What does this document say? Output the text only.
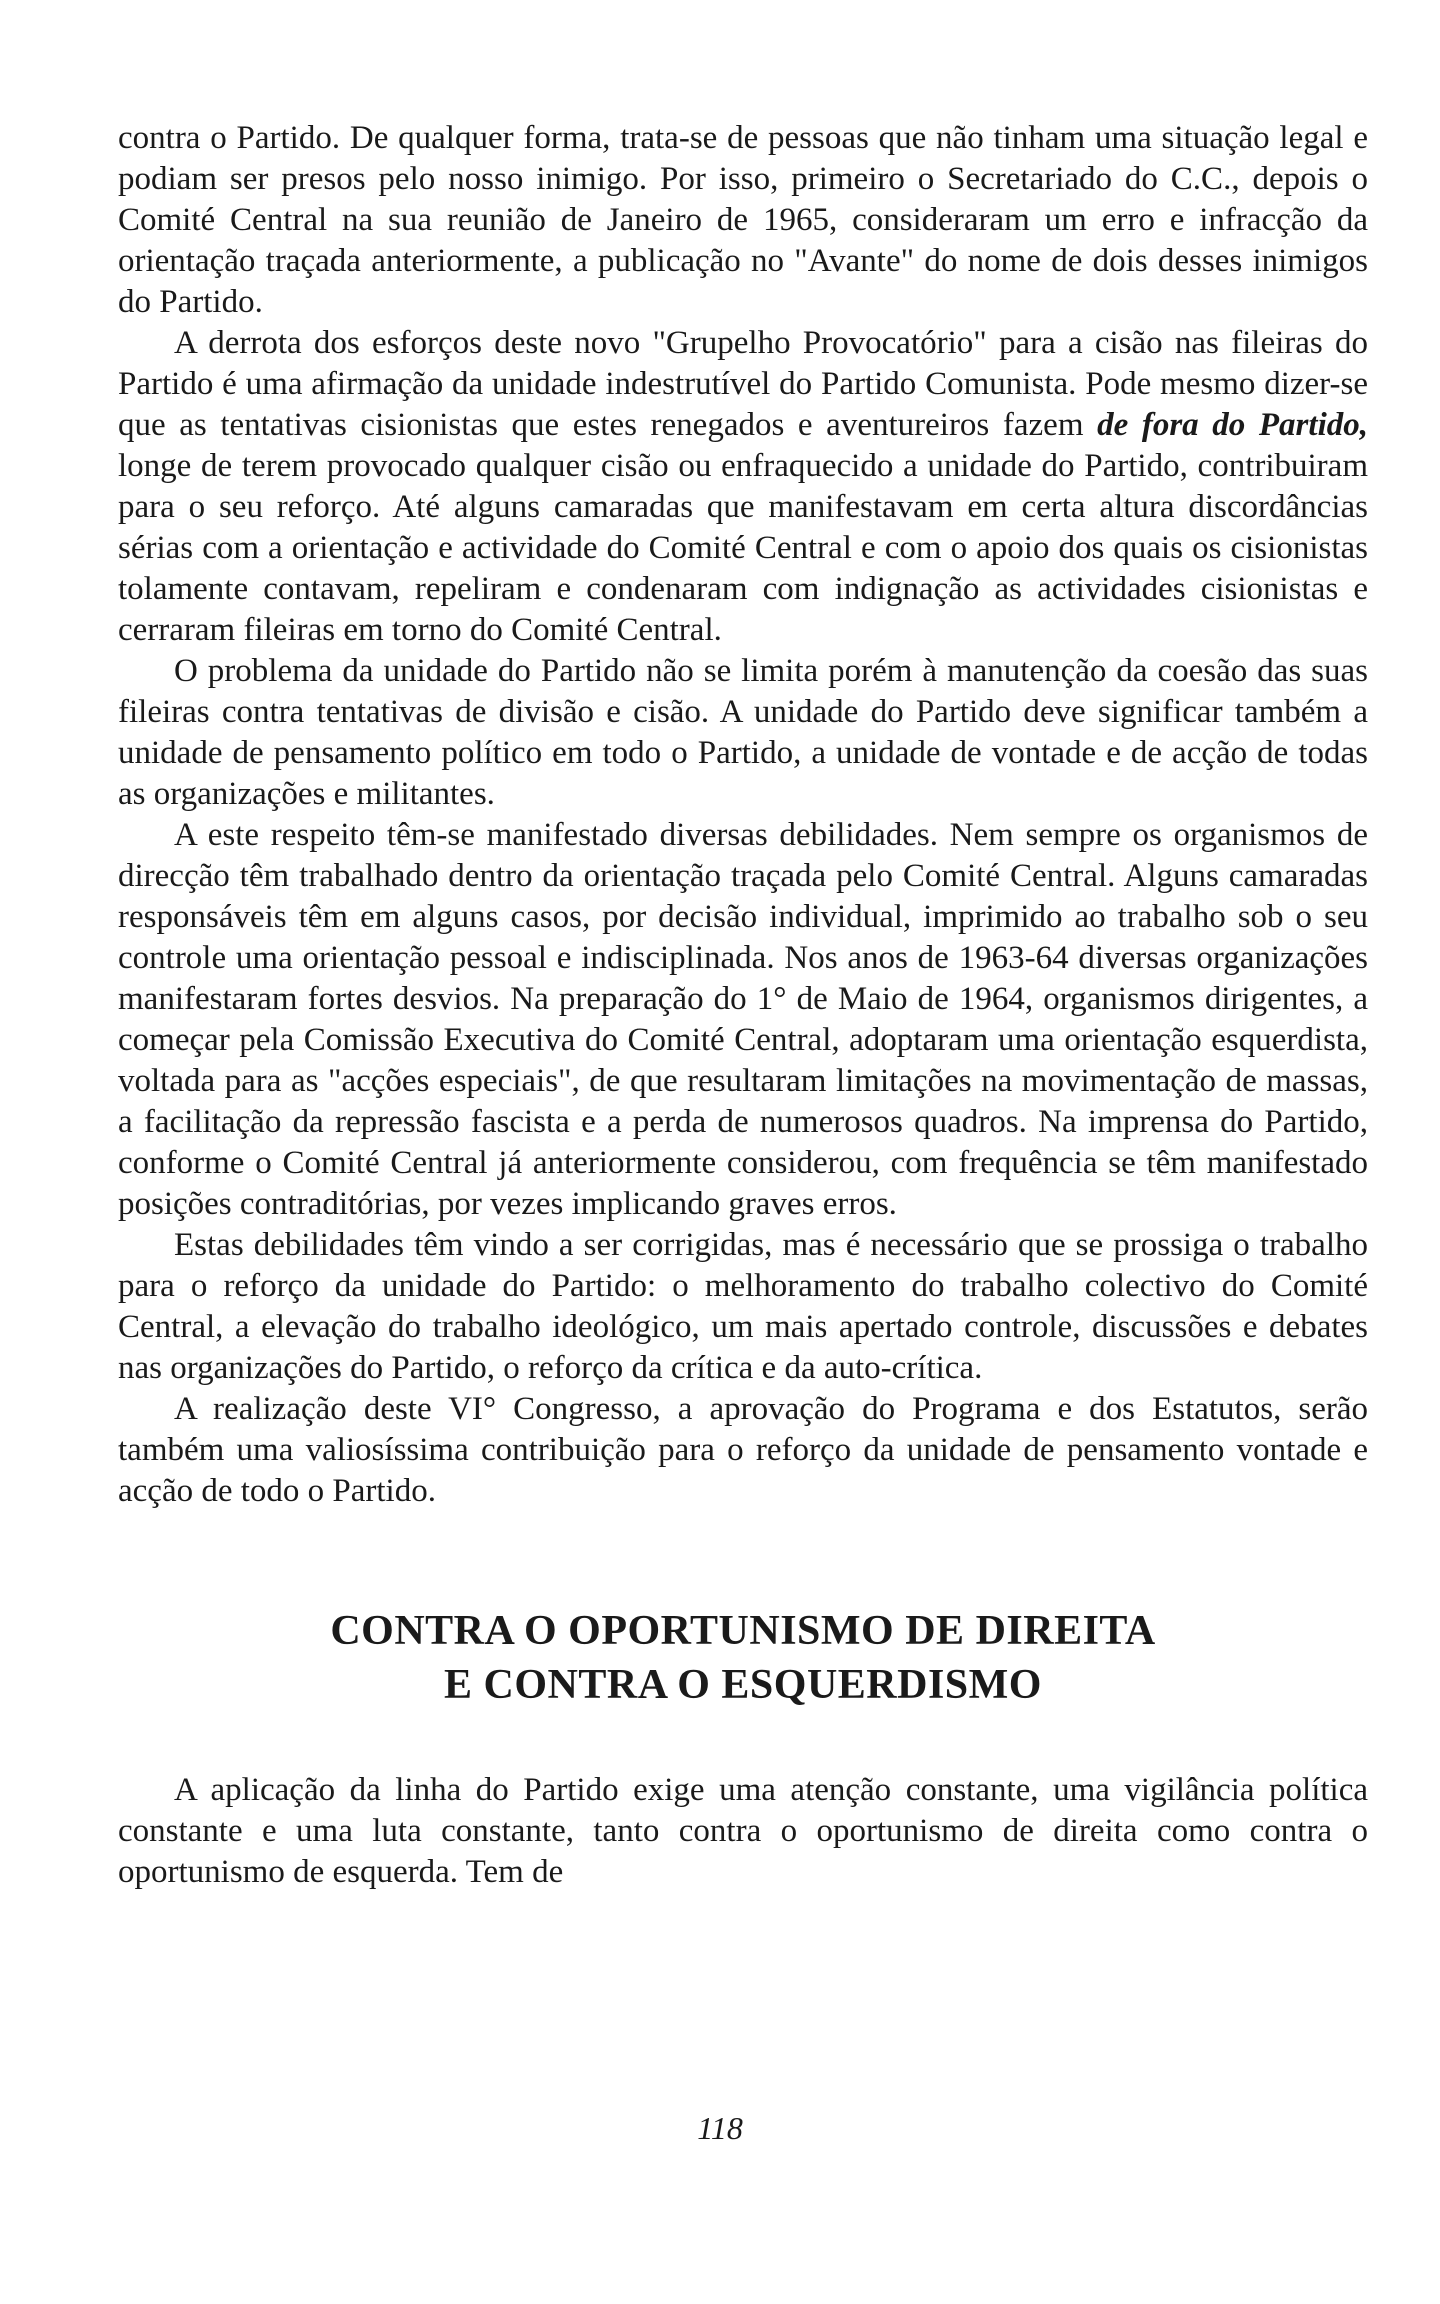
contra o Partido. De qualquer forma, trata-se de pessoas que não tinham uma situação legal e podiam ser presos pelo nosso inimigo. Por isso, primeiro o Secretariado do C.C., depois o Comité Central na sua reunião de Janeiro de 1965, consideraram um erro e infracção da orientação traçada anteriormente, a publicação no "Avante" do nome de dois desses inimigos do Partido.

A derrota dos esforços deste novo "Grupelho Provocatório" para a cisão nas fileiras do Partido é uma afirmação da unidade indestrutível do Partido Comunista. Pode mesmo dizer-se que as tentativas cisionistas que estes renegados e aventureiros fazem de fora do Partido, longe de terem provocado qualquer cisão ou enfraquecido a unidade do Partido, contribuiram para o seu reforço. Até alguns camaradas que manifestavam em certa altura discordâncias sérias com a orientação e actividade do Comité Central e com o apoio dos quais os cisionistas tolamente contavam, repeliram e condenaram com indignação as actividades cisionistas e cerraram fileiras em torno do Comité Central.

O problema da unidade do Partido não se limita porém à manutenção da coesão das suas fileiras contra tentativas de divisão e cisão. A unidade do Partido deve significar também a unidade de pensamento político em todo o Partido, a unidade de vontade e de acção de todas as organizações e militantes.

A este respeito têm-se manifestado diversas debilidades. Nem sempre os organismos de direcção têm trabalhado dentro da orientação traçada pelo Comité Central. Alguns camaradas responsáveis têm em alguns casos, por decisão individual, imprimido ao trabalho sob o seu controle uma orientação pessoal e indisciplinada. Nos anos de 1963-64 diversas organizações manifestaram fortes desvios. Na preparação do 1° de Maio de 1964, organismos dirigentes, a começar pela Comissão Executiva do Comité Central, adoptaram uma orientação esquerdista, voltada para as "acções especiais", de que resultaram limitações na movimentação de massas, a facilitação da repressão fascista e a perda de numerosos quadros. Na imprensa do Partido, conforme o Comité Central já anteriormente considerou, com frequência se têm manifestado posições contraditórias, por vezes implicando graves erros.

Estas debilidades têm vindo a ser corrigidas, mas é necessário que se prossiga o trabalho para o reforço da unidade do Partido: o melhoramento do trabalho colectivo do Comité Central, a elevação do trabalho ideológico, um mais apertado controle, discussões e debates nas organizações do Partido, o reforço da crítica e da auto-crítica.

A realização deste VI° Congresso, a aprovação do Programa e dos Estatutos, serão também uma valiosíssima contribuição para o reforço da unidade de pensamento vontade e acção de todo o Partido.

CONTRA O OPORTUNISMO DE DIREITA
E CONTRA O ESQUERDISMO

A aplicação da linha do Partido exige uma atenção constante, uma vigilância política constante e uma luta constante, tanto contra o oportunismo de direita como contra o oportunismo de esquerda. Tem de

118
